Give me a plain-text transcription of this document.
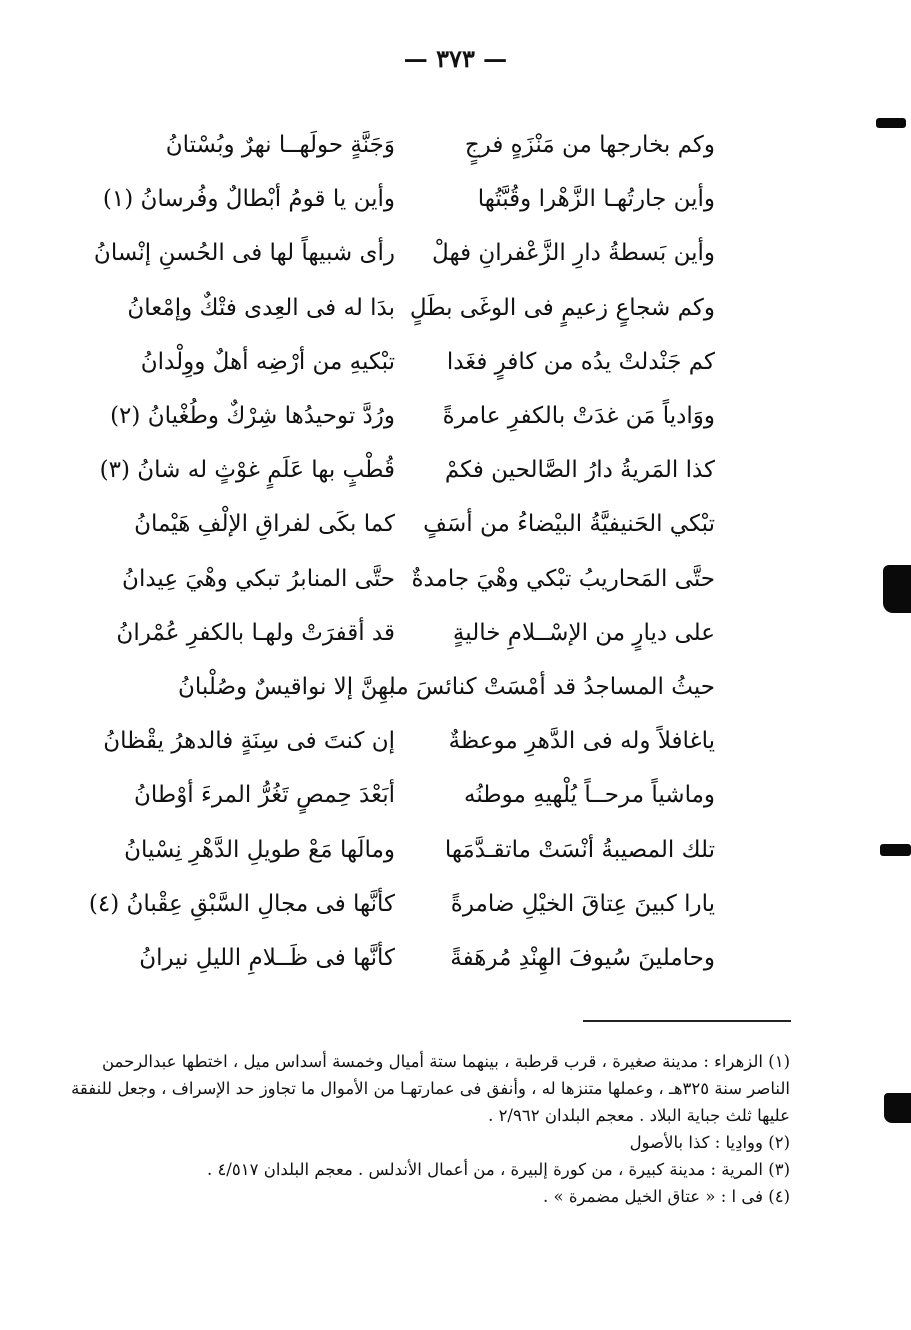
— ٣٧٣ —
وكم بخارجها من مَنْزَهٍ فرجٍ
وَجَنَّةٍ حولَهــا نهرٌ وبُسْتانُ
وأين جارتُهـا الزَّهْرا وقُبَّتُها
وأين يا قومُ أبْطالٌ وفُرسانُ (١)
وأين بَسطةُ دارِ الزَّعْفرانِ فهلْ
رأى شبيهاً لها فى الحُسنِ إنْسانُ
وكم شجاعٍ زعيمٍ فى الوغَى بطَلٍ
بدَا له فى العِدى فتْكٌ وإمْعانُ
كم جَنْدلتْ يدُه من كافرٍ فغَدا
تبْكيهِ من أرْضِه أهلٌ ووِلْدانُ
ووَادياً مَن غدَتْ بالكفرِ عامرةً
ورُدَّ توحيدُها شِرْكٌ وطُغْيانُ (٢)
كذا المَريةُ دارُ الصَّالحين فكمْ
قُطْبٍ بها عَلَمٍ غوْثٍ له شانُ (٣)
تبْكي الحَنيفيَّةُ البيْضاءُ من أسَفٍ
كما بكَى لفراقِ الإلْفِ هَيْمانُ
حتَّى المَحاريبُ تبْكي وهْيَ جامدةٌ
حتَّى المنابرُ تبكي وهْيَ عِيدانُ
على ديارٍ من الإسْــلامِ خاليةٍ
قد أقفرَتْ ولهـا بالكفرِ عُمْرانُ
حيثُ المساجدُ قد أمْسَتْ كنائسَ ما
بهِنَّ إلا نواقيسٌ وصُلْبانُ
ياغافلاً وله فى الدَّهرِ موعظةٌ
إن كنتَ فى سِنَةٍ فالدهرُ يقْظانُ
وماشياً مرحــاً يُلْهيهِ موطنُه
أبَعْدَ حِمصٍ تَغُرُّ المرءَ أوْطانُ
تلك المصيبةُ أنْسَتْ ماتقـدَّمَها
ومالَها مَعْ طويلِ الدَّهْرِ نِسْيانُ
يارا كبينَ عِتاقَ الخيْلِ ضامرةً
كأنَّها فى مجالِ السَّبْقِ عِقْبانُ (٤)
وحاملينَ سُيوفَ الهِنْدِ مُرهَفةً
كأنَّها فى ظَــلامِ الليلِ نيرانُ

(١) الزهراء : مدينة صغيرة ، قرب قرطبة ، بينهما ستة أميال وخمسة أسداس ميل ، اختطها عبدالرحمن الناصر سنة ٣٢٥هـ ، وعملها متنزها له ، وأنفق فى عمارتهـا من الأموال ما تجاوز حد الإسراف ، وجعل للنفقة عليها ثلث جباية البلاد . معجم البلدان ٢/٩٦٢ .

(٢) ووادِيا : كذا بالأصول

(٣) المرية : مدينة كبيرة ، من كورة إلبيرة ، من أعمال الأندلس . معجم البلدان ٤/٥١٧ .

(٤) فى ا : « عتاق الخيل مضمرة » .
